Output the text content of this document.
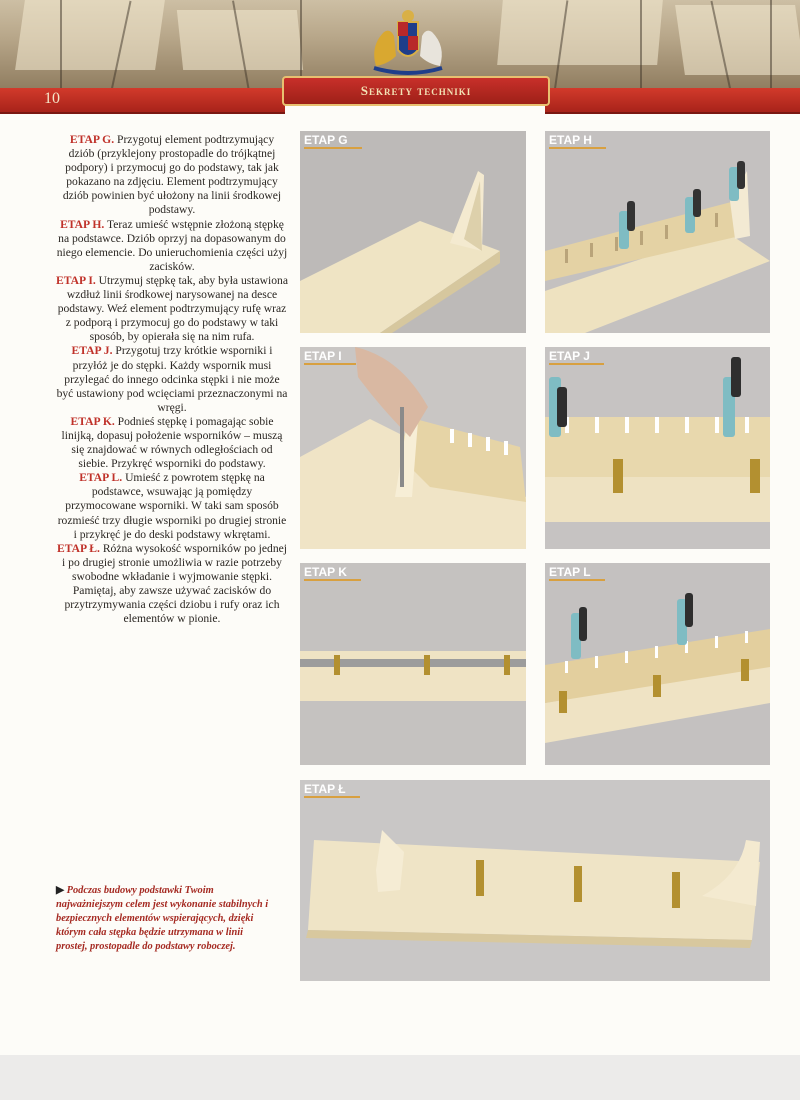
10	Sekrety techniki

ETAP G. Przygotuj element podtrzymujący dziób (przyklejony prostopadle do trójkątnej podpory) i przymocuj go do podstawy, tak jak pokazano na zdjęciu. Element podtrzymujący dziób powinien być ułożony na linii środkowej podstawy.

ETAP H. Teraz umieść wstępnie złożoną stępkę na podstawce. Dziób oprzyj na dopasowanym do niego elemencie. Do unieruchomienia części użyj zacisków.

ETAP I. Utrzymuj stępkę tak, aby była ustawiona wzdłuż linii środkowej narysowanej na desce podstawy. Weź element podtrzymujący rufę wraz z podporą i przymocuj go do podstawy w taki sposób, by opierała się na nim rufa.

ETAP J. Przygotuj trzy krótkie wsporniki i przyłóż je do stępki. Każdy wspornik musi przylegać do innego odcinka stępki i nie może być ustawiony pod wcięciami przeznaczonymi na wręgi.

ETAP K. Podnieś stępkę i pomagając sobie linijką, dopasuj położenie wsporników – muszą się znajdować w równych odległościach od siebie. Przykręć wsporniki do podstawy.

ETAP L. Umieść z powrotem stępkę na podstawce, wsuwając ją pomiędzy przymocowane wsporniki. W taki sam sposób rozmieść trzy długie wsporniki po drugiej stronie i przykręć je do deski podstawy wkrętami.

ETAP Ł. Różna wysokość wsporników po jednej i po drugiej stronie umożliwia w razie potrzeby swobodne wkładanie i wyjmowanie stępki. Pamiętaj, aby zawsze używać zacisków do przytrzymywania części dziobu i rufy oraz ich elementów w pionie.

▶ Podczas budowy podstawki Twoim najważniejszym celem jest wykonanie stabilnych i bezpiecznych elementów wspierających, dzięki którym cała stępka będzie utrzymana w linii prostej, prostopadle do podstawy roboczej.
ETAP G	ETAP H
ETAP I	ETAP J
ETAP K	ETAP L
ETAP Ł
